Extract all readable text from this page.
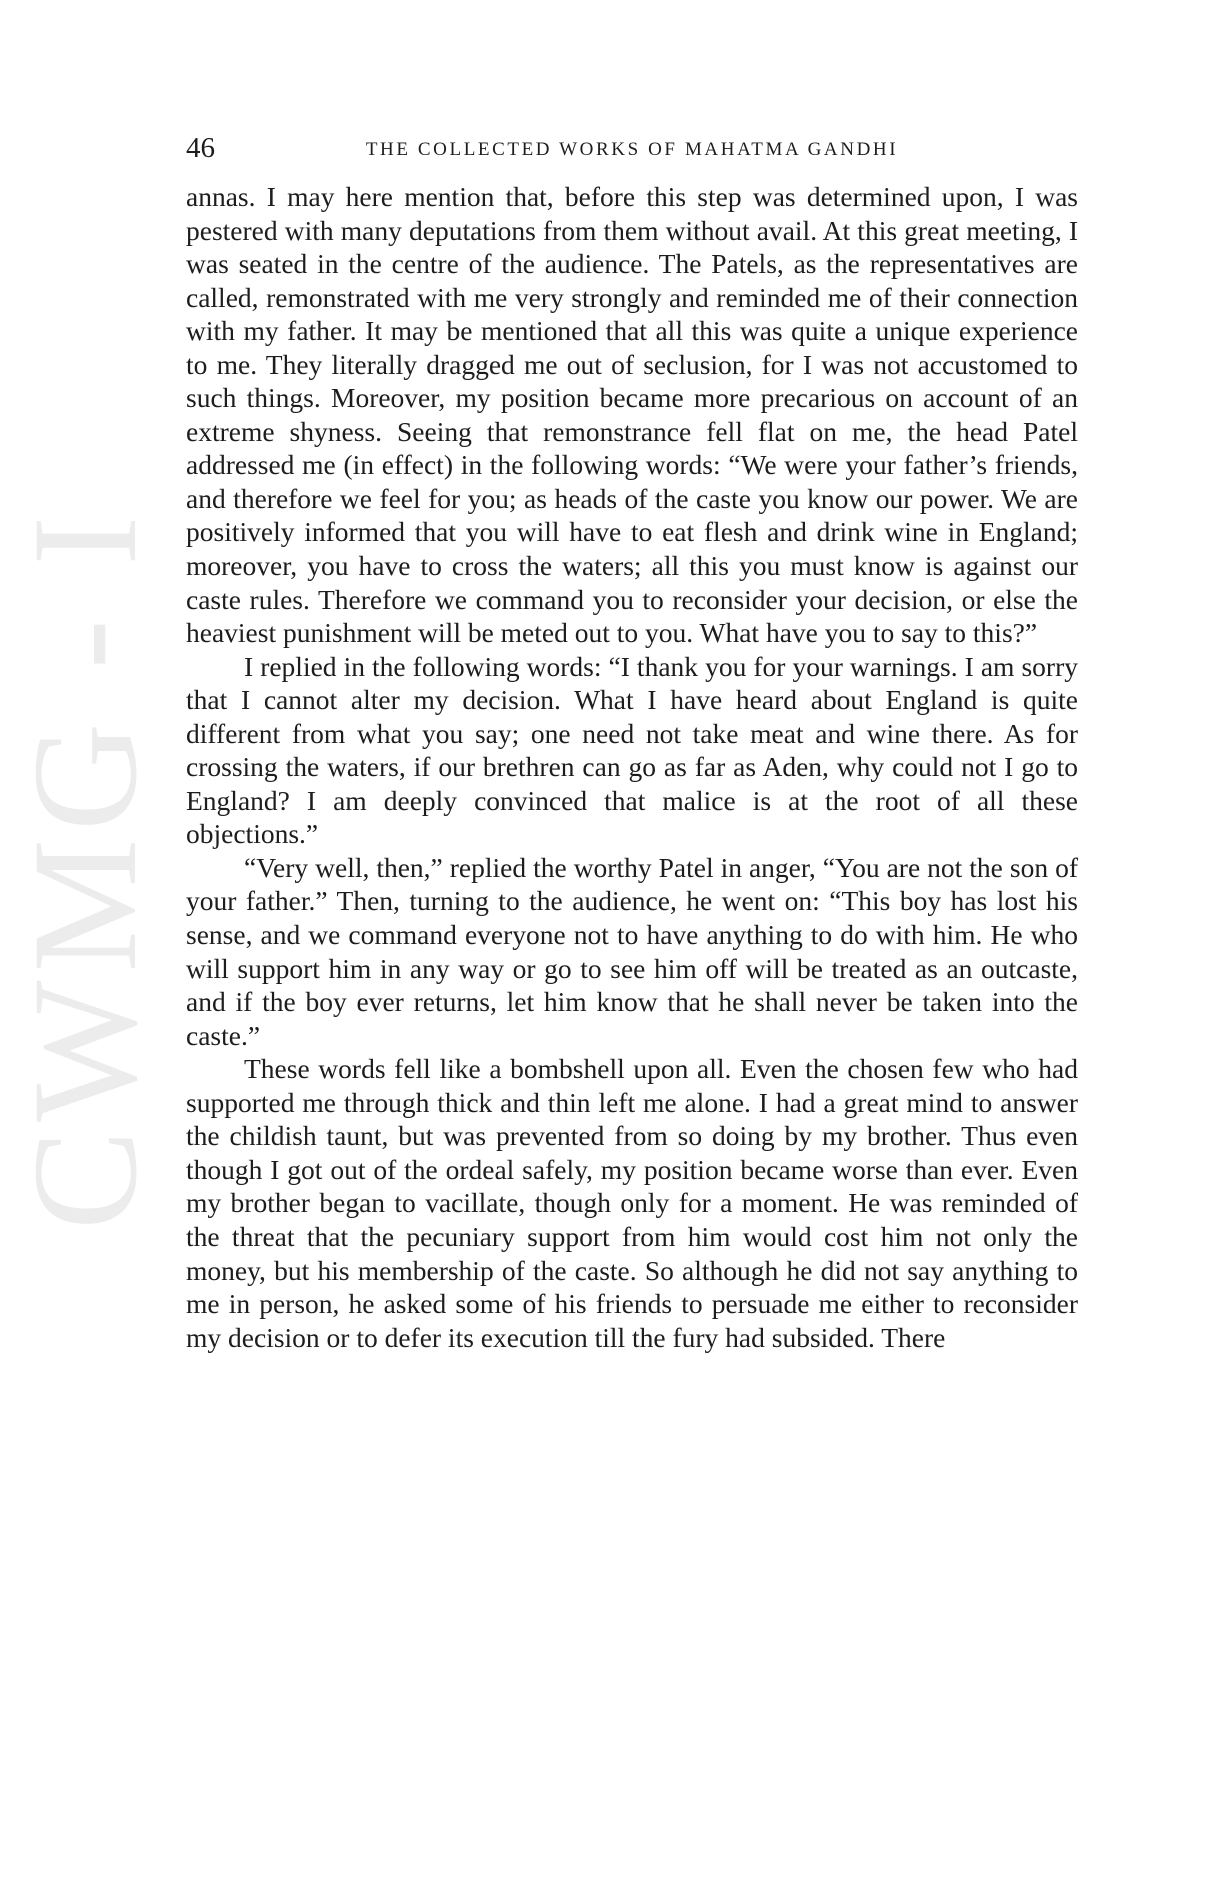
CWMG - I
46	THE COLLECTED WORKS OF MAHATMA GANDHI

annas. I may here mention that, before this step was determined upon, I was pestered with many deputations from them without avail. At this great meeting, I was seated in the centre of the audience. The Patels, as the representatives are called, remonstrated with me very strongly and reminded me of their connection with my father. It may be mentioned that all this was quite a unique experience to me. They literally dragged me out of seclusion, for I was not accustomed to such things. Moreover, my position became more precarious on account of an extreme shyness. Seeing that remonstrance fell flat on me, the head Patel addressed me (in effect) in the following words: “We were your father’s friends, and therefore we feel for you; as heads of the caste you know our power. We are positively informed that you will have to eat flesh and drink wine in England; moreover, you have to cross the waters; all this you must know is against our caste rules. Therefore we command you to reconsider your decision, or else the heaviest punishment will be meted out to you. What have you to say to this?”

I replied in the following words: “I thank you for your warnings. I am sorry that I cannot alter my decision. What I have heard about England is quite different from what you say; one need not take meat and wine there. As for crossing the waters, if our brethren can go as far as Aden, why could not I go to England? I am deeply convinced that malice is at the root of all these objections.”

“Very well, then,” replied the worthy Patel in anger, “You are not the son of your father.” Then, turning to the audience, he went on: “This boy has lost his sense, and we command everyone not to have anything to do with him. He who will support him in any way or go to see him off will be treated as an outcaste, and if the boy ever returns, let him know that he shall never be taken into the caste.”

These words fell like a bombshell upon all. Even the chosen few who had supported me through thick and thin left me alone. I had a great mind to answer the childish taunt, but was prevented from so doing by my brother. Thus even though I got out of the ordeal safely, my position became worse than ever. Even my brother began to vacillate, though only for a moment. He was reminded of the threat that the pecuniary support from him would cost him not only the money, but his membership of the caste. So although he did not say anything to me in person, he asked some of his friends to persuade me either to reconsider my decision or to defer its execution till the fury had subsided. There
